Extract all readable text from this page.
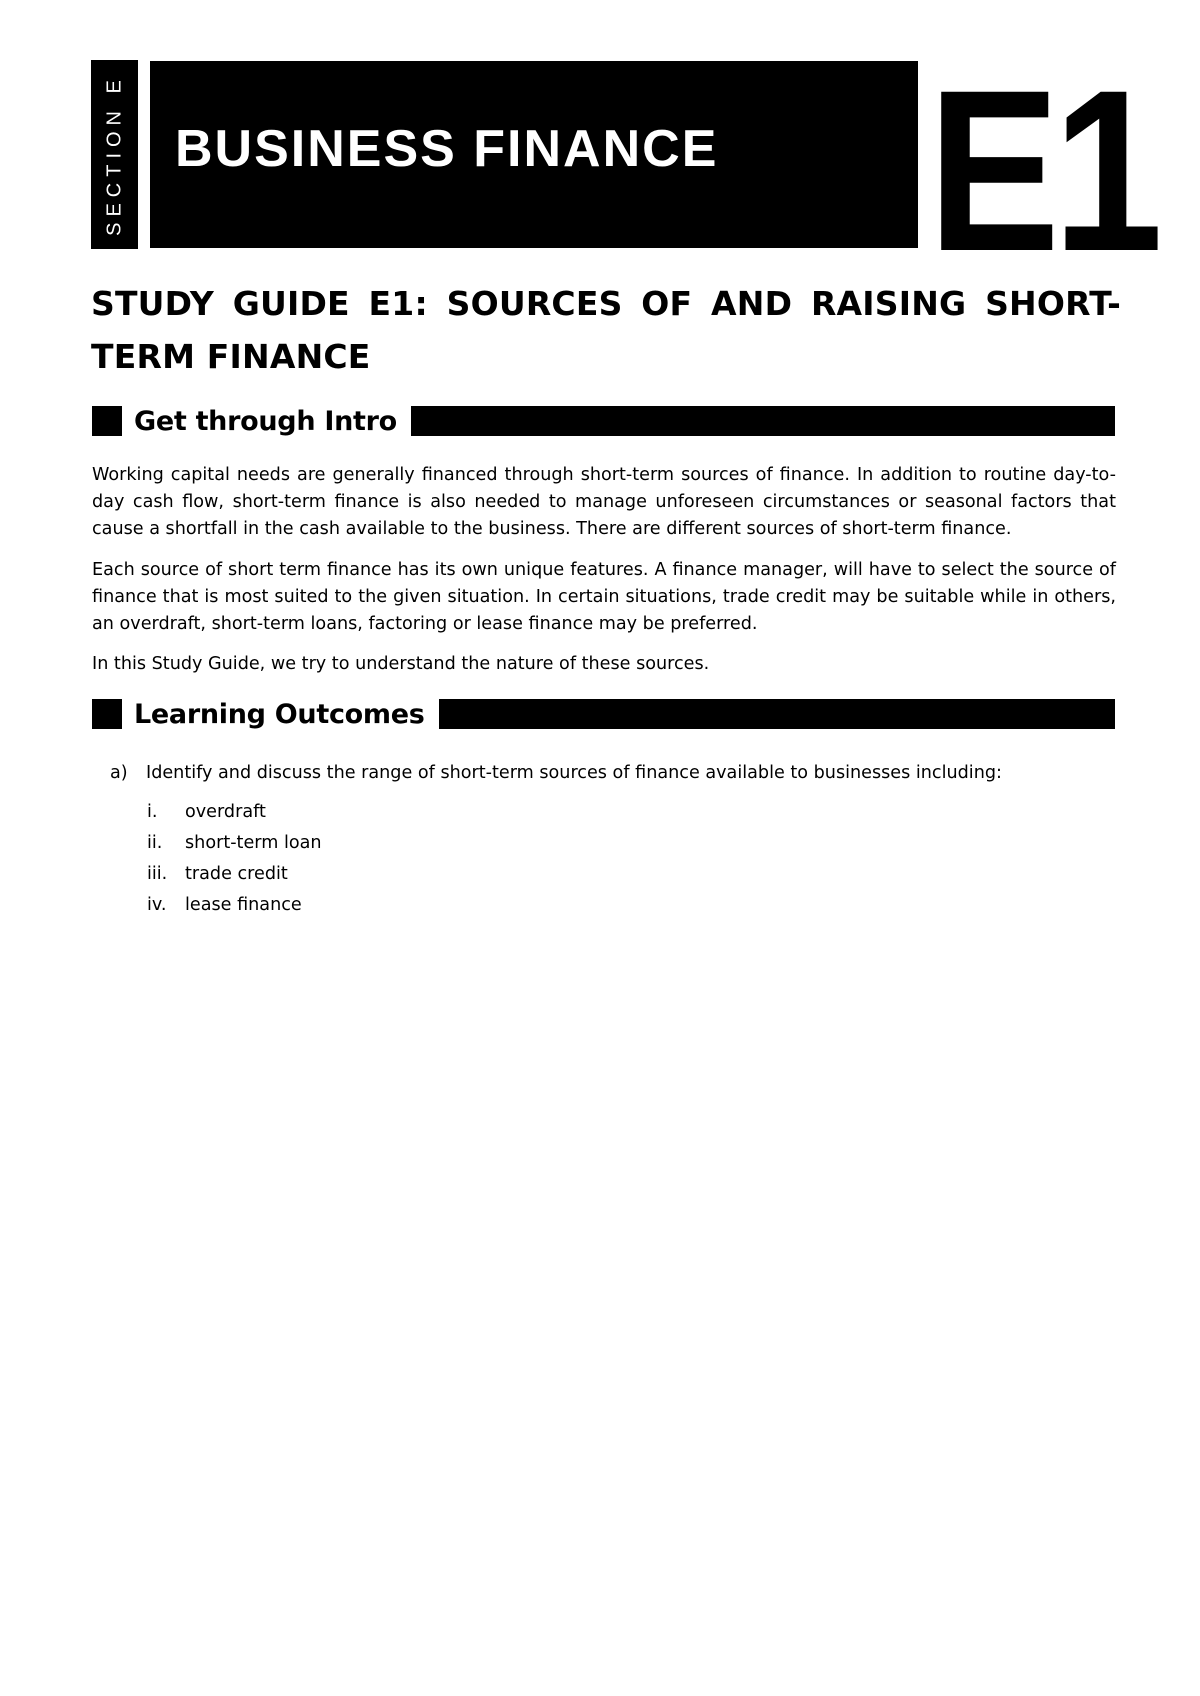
SECTION E BUSINESS FINANCE E1
STUDY GUIDE E1: SOURCES OF AND RAISING SHORT-
TERM FINANCE
Get through Intro
Working capital needs are generally financed through short-term sources of finance. In addition to routine day-to-day cash flow, short-term finance is also needed to manage unforeseen circumstances or seasonal factors that cause a shortfall in the cash available to the business. There are different sources of short-term finance.
Each source of short term finance has its own unique features. A finance manager, will have to select the source of finance that is most suited to the given situation. In certain situations, trade credit may be suitable while in others, an overdraft, short-term loans, factoring or lease finance may be preferred.
In this Study Guide, we try to understand the nature of these sources.
Learning Outcomes
a) Identify and discuss the range of short-term sources of finance available to businesses including:
i. overdraft
ii. short-term loan
iii. trade credit
iv. lease finance
